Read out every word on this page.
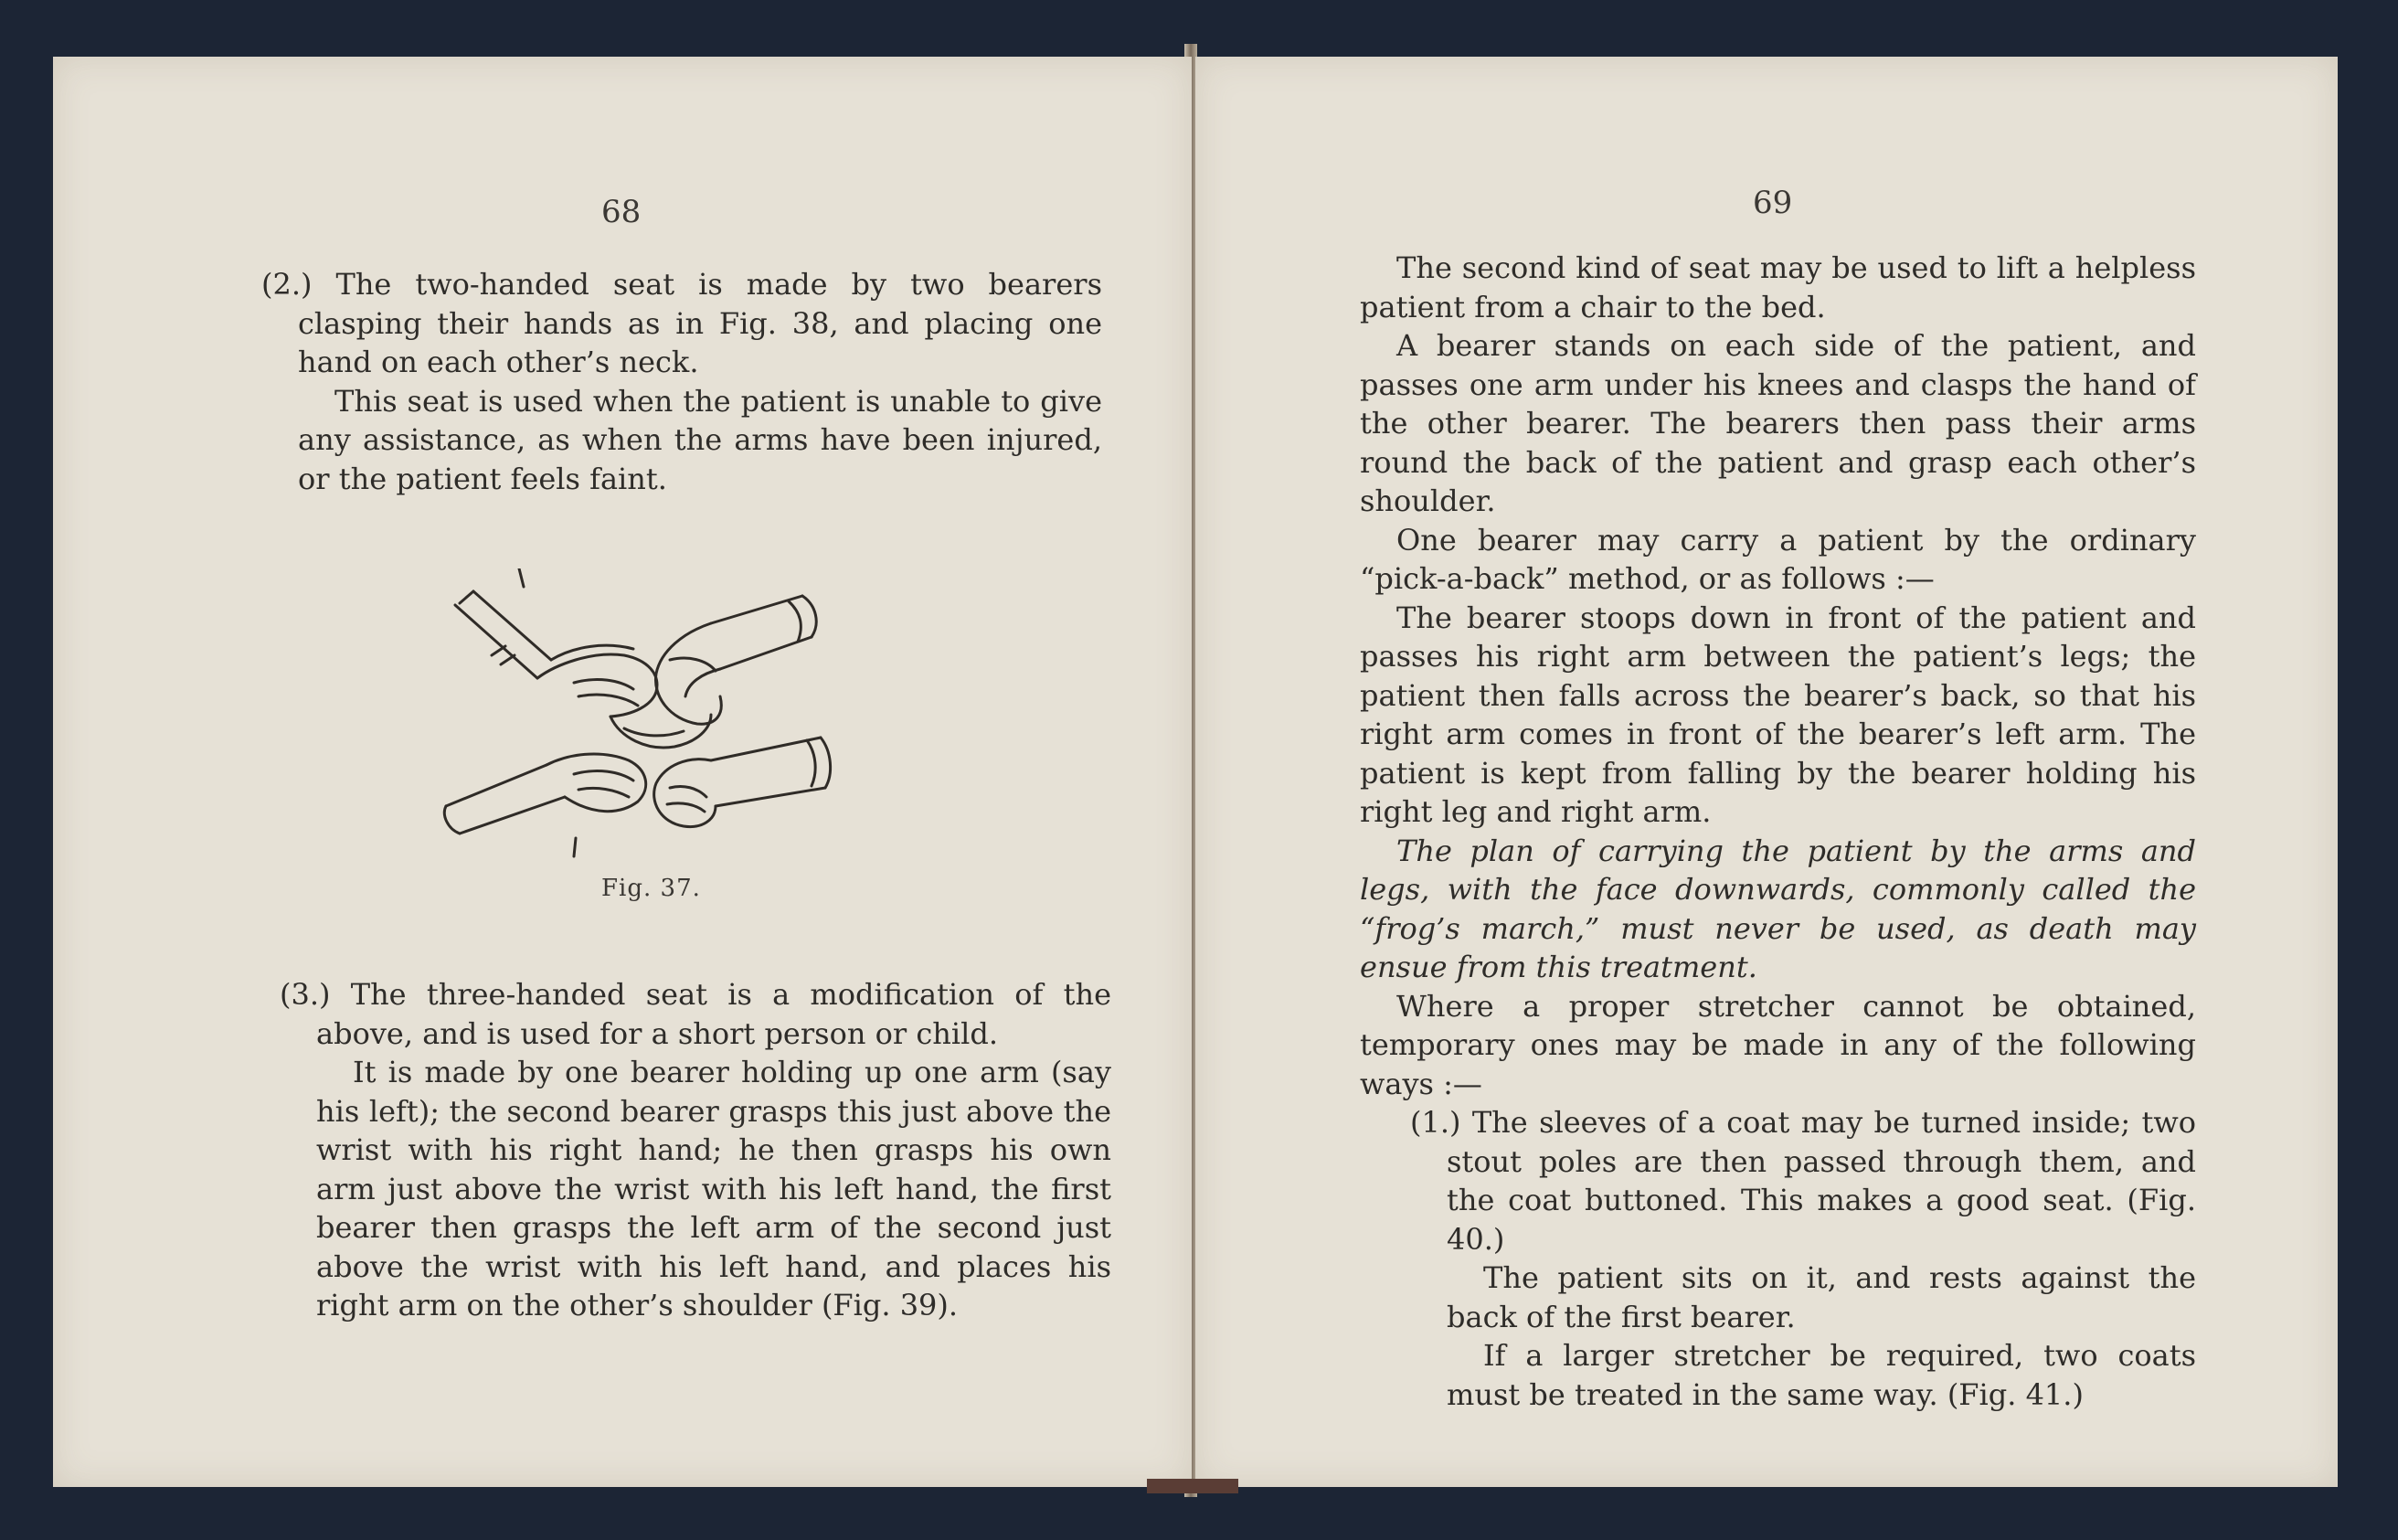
68

(2.) The two-handed seat is made by two bearers clasping their hands as in Fig. 38, and placing one hand on each other’s neck.

This seat is used when the patient is unable to give any assistance, as when the arms have been injured, or the patient feels faint.

Fig. 37.

(3.) The three-handed seat is a modification of the above, and is used for a short person or child.

It is made by one bearer holding up one arm (say his left); the second bearer grasps this just above the wrist with his right hand; he then grasps his own arm just above the wrist with his left hand, the first bearer then grasps the left arm of the second just above the wrist with his left hand, and places his right arm on the other’s shoulder (Fig. 39).

69

The second kind of seat may be used to lift a helpless patient from a chair to the bed.

A bearer stands on each side of the patient, and passes one arm under his knees and clasps the hand of the other bearer. The bearers then pass their arms round the back of the patient and grasp each other’s shoulder.

One bearer may carry a patient by the ordinary “pick-a-back” method, or as follows :—

The bearer stoops down in front of the patient and passes his right arm between the patient’s legs; the patient then falls across the bearer’s back, so that his right arm comes in front of the bearer’s left arm. The patient is kept from falling by the bearer holding his right leg and right arm.

The plan of carrying the patient by the arms and legs, with the face downwards, commonly called the “frog’s march,” must never be used, as death may ensue from this treatment.

Where a proper stretcher cannot be obtained, temporary ones may be made in any of the following ways :—

(1.) The sleeves of a coat may be turned inside; two stout poles are then passed through them, and the coat buttoned. This makes a good seat. (Fig. 40.)

The patient sits on it, and rests against the back of the first bearer.

If a larger stretcher be required, two coats must be treated in the same way. (Fig. 41.)
